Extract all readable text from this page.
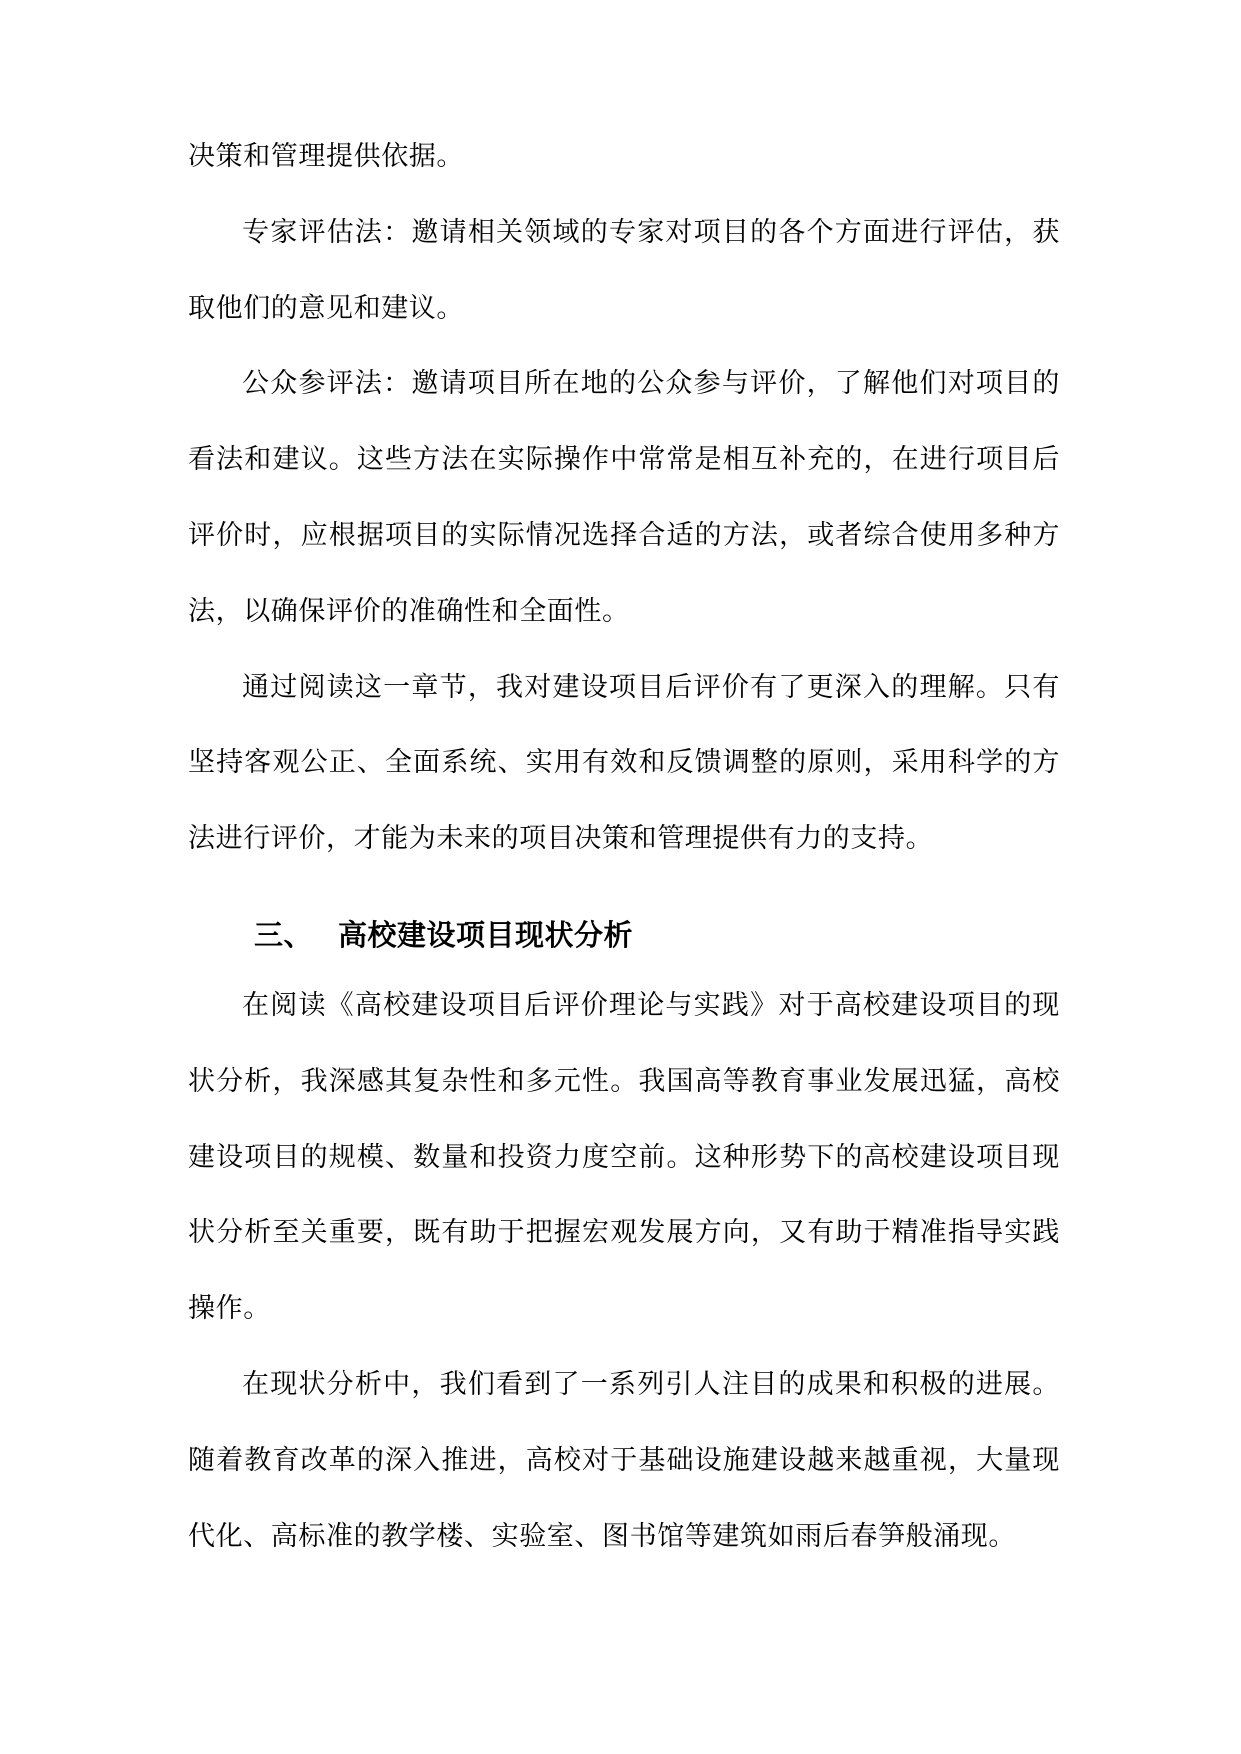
决策和管理提供依据。

专家评估法：邀请相关领域的专家对项目的各个方面进行评估，获取他们的意见和建议。

公众参评法：邀请项目所在地的公众参与评价，了解他们对项目的看法和建议。这些方法在实际操作中常常是相互补充的，在进行项目后评价时，应根据项目的实际情况选择合适的方法，或者综合使用多种方法，以确保评价的准确性和全面性。

通过阅读这一章节，我对建设项目后评价有了更深入的理解。只有坚持客观公正、全面系统、实用有效和反馈调整的原则，采用科学的方法进行评价，才能为未来的项目决策和管理提供有力的支持。

三、 高校建设项目现状分析

在阅读《高校建设项目后评价理论与实践》对于高校建设项目的现状分析，我深感其复杂性和多元性。我国高等教育事业发展迅猛，高校建设项目的规模、数量和投资力度空前。这种形势下的高校建设项目现状分析至关重要，既有助于把握宏观发展方向，又有助于精准指导实践操作。

在现状分析中，我们看到了一系列引人注目的成果和积极的进展。随着教育改革的深入推进，高校对于基础设施建设越来越重视，大量现代化、高标准的教学楼、实验室、图书馆等建筑如雨后春笋般涌现。
